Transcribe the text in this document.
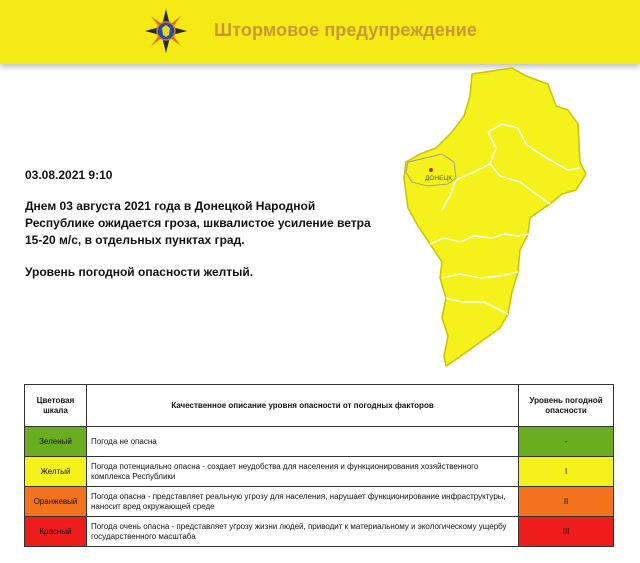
Штормовое предупреждение
03.08.2021 9:10
Днем 03 августа 2021 года в Донецкой Народной Республике ожидается гроза, шквалистое усиление ветра 15-20 м/с, в отдельных пунктах град.
Уровень погодной опасности желтый.
ДОНЕЦК
Цветовая шкала	Качественное описание уровня опасности от погодных факторов	Уровень погодной опасности
Зеленый	Погода не опасна	-
Желтый	Погода потенциально опасна - создает неудобства для населения и функционирования хозяйственного комплекса Республики	I
Оранжевый	Погода опасна - представляет реальную угрозу для населения, нарушает функционирование инфраструктуры, наносит вред окружающей среде	II
Красный	Погода очень опасна - представляет угрозу жизни людей, приводит к материальному и экологическому ущербу государственного масштаба	III
